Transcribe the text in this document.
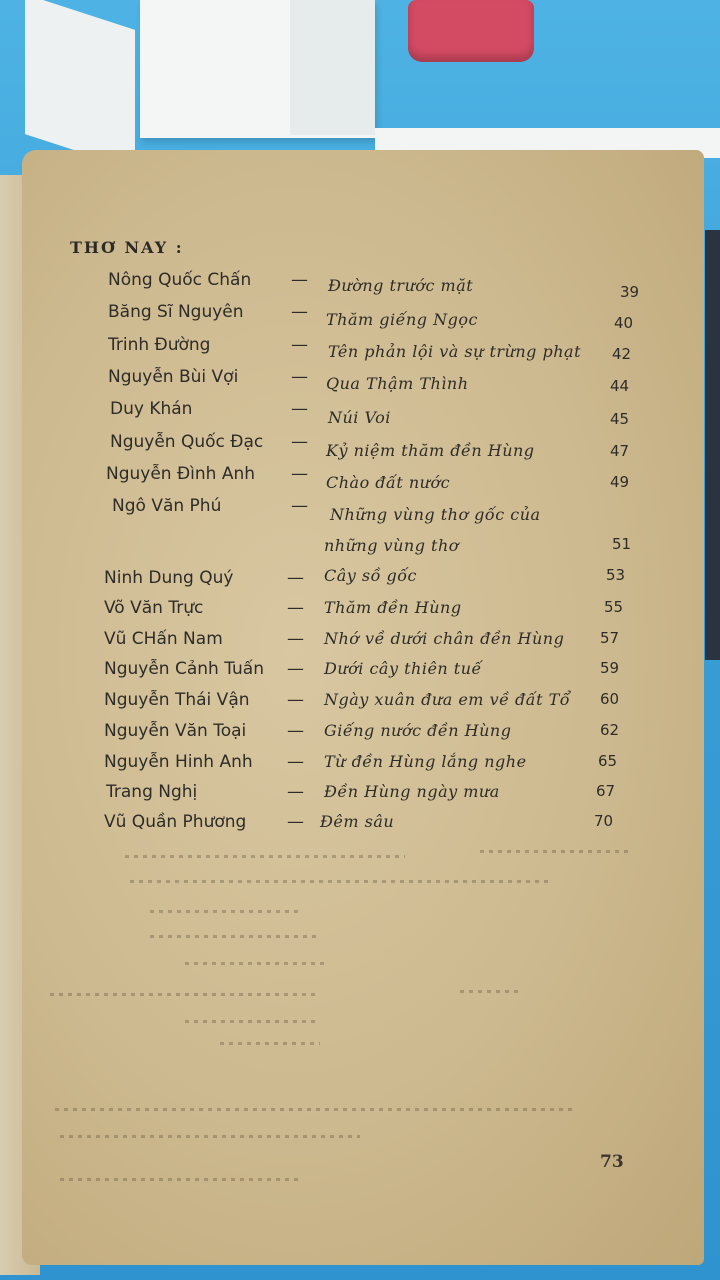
THƠ NAY :
Nông Quốc Chấn — Đường trước mặt	39
Băng Sĩ Nguyên	— Thăm giếng Ngọc	40
Trinh Đường	— Tên phản lội và sự trừng phạt 42
Nguyễn Bùi Vợi	— Qua Thậm Thình	44
Duy Khán	— Núi Voi	45
Nguyễn Quốc Đạc — Kỷ niệm thăm đền Hùng	47
Nguyễn Đình Anh — Chào đất nước	49
Ngô Văn Phú	— Những vùng thơ gốc của
những vùng thơ	51
Ninh Dung Quý	— Cây sồ gốc	53
Võ Văn Trực	— Thăm đền Hùng	55
Vũ CHấn Nam	— Nhớ về dưới chân đền Hùng 57
Nguyễn Cảnh Tuấn — Dưới cây thiên tuế	59
Nguyễn Thái Vận — Ngày xuân đưa em về đất Tổ 60
Nguyễn Văn Toại — Giếng nước đền Hùng	62
Nguyễn Hinh Anh — Từ đền Hùng lắng nghe	65
Trang Nghị	— Đền Hùng ngày mưa	67
Vũ Quần Phương — Đêm sâu	70
73
